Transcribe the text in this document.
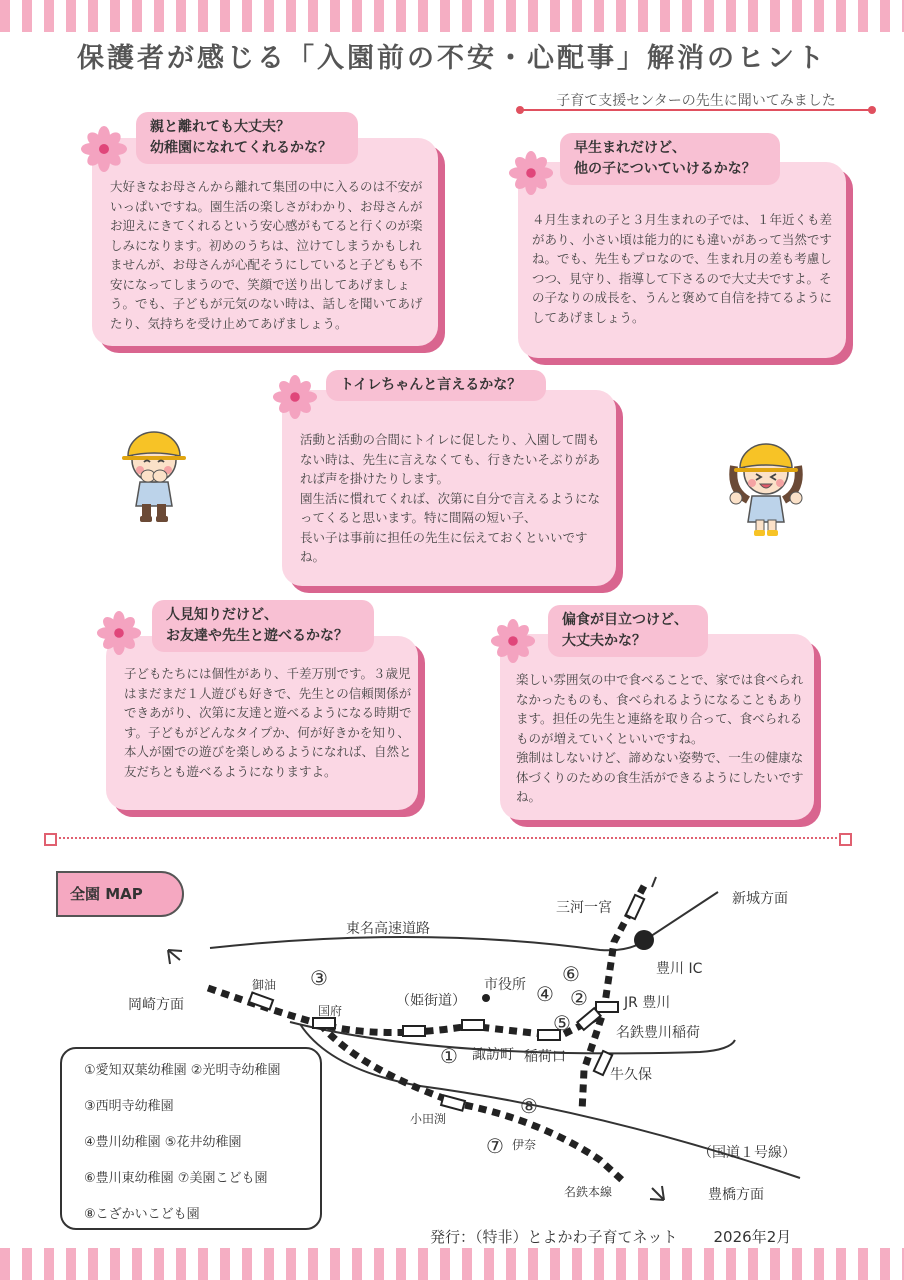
保護者が感じる「入園前の不安・心配事」解消のヒント
子育て支援センターの先生に聞いてみました
親と離れても大丈夫？
幼稚園になれてくれるかな？
大好きなお母さんから離れて集団の中に入るのは不安がいっぱいですね。園生活の楽しさがわかり、お母さんがお迎えにきてくれるという安心感がもてると行くのが楽しみになります。初めのうちは、泣けてしまうかもしれませんが、お母さんが心配そうにしていると子どもも不安になってしまうので、笑顔で送り出してあげましょう。でも、子どもが元気のない時は、話しを聞いてあげたり、気持ちを受け止めてあげましょう。
早生まれだけど、
他の子についていけるかな？
４月生まれの子と３月生まれの子では、１年近くも差があり、小さい頃は能力的にも違いがあって当然ですね。でも、先生もプロなので、生まれ月の差も考慮しつつ、見守り、指導して下さるので大丈夫ですよ。その子なりの成長を、うんと褒めて自信を持てるようにしてあげましょう。
トイレちゃんと言えるかな？
活動と活動の合間にトイレに促したり、入園して間もない時は、先生に言えなくても、行きたいそぶりがあれば声を掛けたりします。
園生活に慣れてくれば、次第に自分で言えるようになってくると思います。特に間隔の短い子、
長い子は事前に担任の先生に伝えておくといいですね。
人見知りだけど、
お友達や先生と遊べるかな？
子どもたちには個性があり、千差万別です。３歳児はまだまだ１人遊びも好きで、先生との信頼関係ができあがり、次第に友達と遊べるようになる時期です。子どもがどんなタイプか、何が好きかを知り、本人が園での遊びを楽しめるようになれば、自然と友だちとも遊べるようになりますよ。
偏食が目立つけど、
大丈夫かな？
楽しい雰囲気の中で食べることで、家では食べられなかったものも、食べられるようになることもあります。担任の先生と連絡を取り合って、食べられるものが増えていくといいですね。
強制はしないけど、諦めない姿勢で、一生の健康な体づくりのための食生活ができるようにしたいですね。
全園 MAP
東名高速道路
新城方面
三河一宮
豊川 IC
岡崎方面
御油
国府
（姫街道）
市役所
JR 豊川
名鉄豊川稲荷
諏訪町 稲荷口
牛久保
小田渕
伊奈	（国道１号線）
名鉄本線	豊橋方面
①
②
③
④
⑤
⑥
⑦
⑧
①愛知双葉幼稚園 ②光明寺幼稚園
③西明寺幼稚園
④豊川幼稚園 ⑤花井幼稚園
⑥豊川東幼稚園 ⑦美園こども園
⑧こざかいこども園
発行：（特非）とよかわ子育てネット 2026年2月
